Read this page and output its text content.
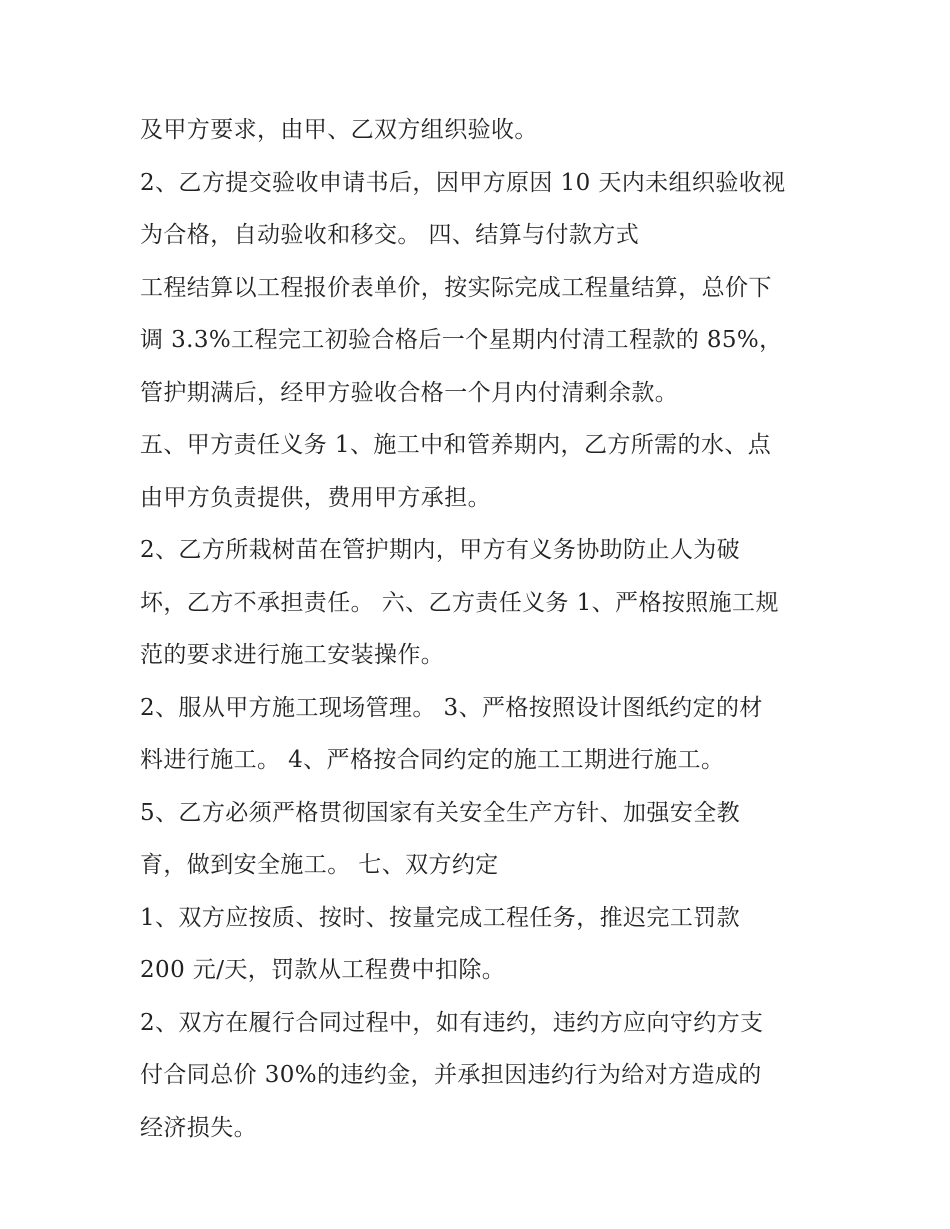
及甲方要求，由甲、乙双方组织验收。
2、乙方提交验收申请书后，因甲方原因 10 天内未组织验收视
为合格，自动验收和移交。 四、结算与付款方式
工程结算以工程报价表单价，按实际完成工程量结算，总价下
调 3.3%工程完工初验合格后一个星期内付清工程款的 85%，
管护期满后，经甲方验收合格一个月内付清剩余款。
五、甲方责任义务 1、施工中和管养期内，乙方所需的水、点
由甲方负责提供，费用甲方承担。
2、乙方所栽树苗在管护期内，甲方有义务协助防止人为破
坏，乙方不承担责任。 六、乙方责任义务 1、严格按照施工规
范的要求进行施工安装操作。
2、服从甲方施工现场管理。 3、严格按照设计图纸约定的材
料进行施工。 4、严格按合同约定的施工工期进行施工。
5、乙方必须严格贯彻国家有关安全生产方针、加强安全教
育，做到安全施工。 七、双方约定
1、双方应按质、按时、按量完成工程任务，推迟完工罚款
200 元/天，罚款从工程费中扣除。
2、双方在履行合同过程中，如有违约，违约方应向守约方支
付合同总价 30%的违约金，并承担因违约行为给对方造成的
经济损失。
